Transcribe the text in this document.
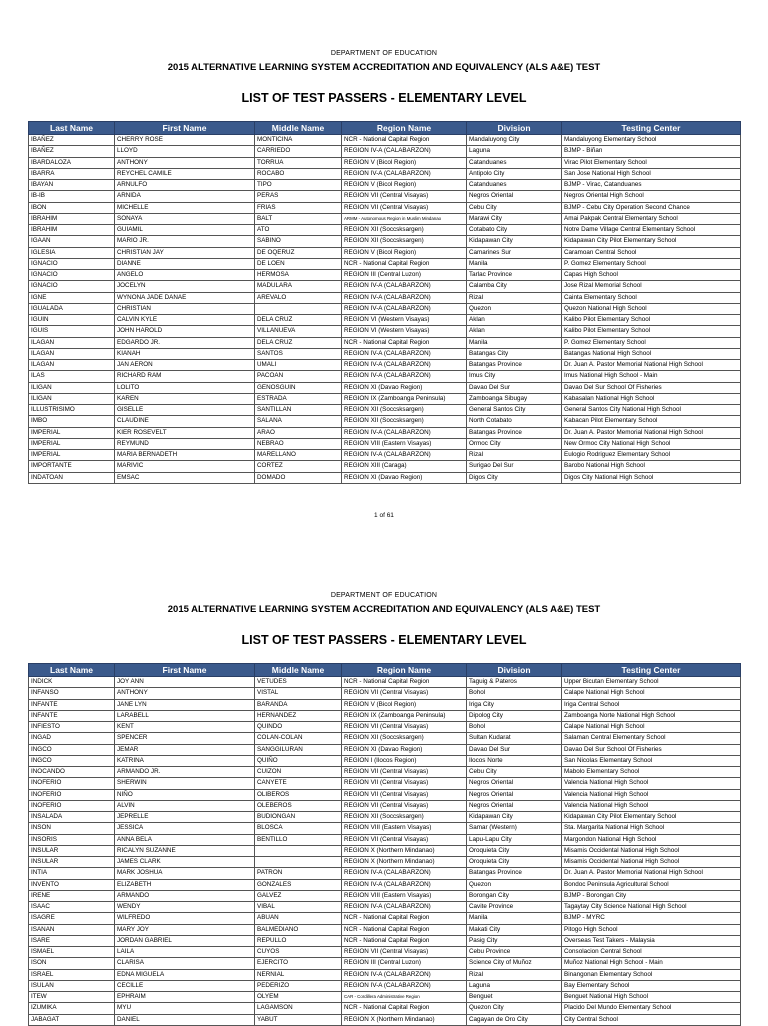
DEPARTMENT OF EDUCATION
2015 ALTERNATIVE LEARNING SYSTEM ACCREDITATION AND EQUIVALENCY (ALS A&E) TEST
LIST OF TEST PASSERS - ELEMENTARY LEVEL
Last Name	First Name	Middle Name	Region Name	Division	Testing Center
IBAÑEZ	CHERRY ROSE	MONTICINA	NCR - National Capital Region	Mandaluyong City	Mandaluyong Elementary School
IBAÑEZ	LLOYD	CARRIEDO	REGION IV-A (CALABARZON)	Laguna	BJMP - Biñan
IBARDALOZA	ANTHONY	TORRUA	REGION V (Bicol Region)	Catanduanes	Virac Pilot Elementary School
IBARRA	REYCHEL CAMILE	ROCABO	REGION IV-A (CALABARZON)	Antipolo City	San Jose National High School
IBAYAN	ARNULFO	TIPO	REGION V (Bicol Region)	Catanduanes	BJMP - Virac, Catanduanes
IB-IB	ARNIDA	PERAS	REGION VII (Central Visayas)	Negros Oriental	Negros Oriental High School
IBON	MICHELLE	FRIAS	REGION VII (Central Visayas)	Cebu City	BJMP - Cebu City Operation Second Chance
IBRAHIM	SONAYA	BALT	ARMM - Autonomous Region in Muslim Mindanao	Marawi City	Amai Pakpak Central Elementary School
IBRAHIM	GUIAMIL	ATO	REGION XII (Soccsksargen)	Cotabato City	Notre Dame Village Central Elementary School
IGAAN	MARIO JR.	SABINO	REGION XII (Soccsksargen)	Kidapawan City	Kidapawan City Pilot Elementary School
IGLESIA	CHRISTIAN JAY	DE OQERUZ	REGION V (Bicol Region)	Camarines Sur	Caramoan Central School
IGNACIO	DIANNE	DE LOEN	NCR - National Capital Region	Manila	P. Gomez Elementary School
IGNACIO	ANGELO	HERMOSA	REGION III (Central Luzon)	Tarlac Province	Capas High School
IGNACIO	JOCELYN	MADULARA	REGION IV-A (CALABARZON)	Calamba City	Jose Rizal Memorial School
IGNE	WYNONA JADE DANAE	AREVALO	REGION IV-A (CALABARZON)	Rizal	Cainta Elementary School
IGUALADA	CHRISTIAN		REGION IV-A (CALABARZON)	Quezon	Quezon National High School
IGUIN	CALVIN KYLE	DELA CRUZ	REGION VI (Western Visayas)	Aklan	Kalibo Pilot Elementary School
IGUIS	JOHN HAROLD	VILLANUEVA	REGION VI (Western Visayas)	Aklan	Kalibo Pilot Elementary School
ILAGAN	EDGARDO JR.	DELA CRUZ	NCR - National Capital Region	Manila	P. Gomez Elementary School
ILAGAN	KIANAH	SANTOS	REGION IV-A (CALABARZON)	Batangas City	Batangas National High School
ILAGAN	JAN AERON	UMALI	REGION IV-A (CALABARZON)	Batangas Province	Dr. Juan A. Pastor Memorial National High School
ILAS	RICHARD RAM	PACOAN	REGION IV-A (CALABARZON)	Imus City	Imus National High School - Main
ILIGAN	LOLITO	GENOSGUIN	REGION XI (Davao Region)	Davao Del Sur	Davao Del Sur School Of Fisheries
ILIGAN	KAREN	ESTRADA	REGION IX (Zamboanga Peninsula)	Zamboanga Sibugay	Kabasalan National High School
ILLUSTRISIMO	GISELLE	SANTILLAN	REGION XII (Soccsksargen)	General Santos City	General Santos City National High School
IMBO	CLAUDINE	SALANA	REGION XII (Soccsksargen)	North Cotabato	Kabacan Pilot Elementary School
IMPERIAL	KIER ROSEVELT	ARAO	REGION IV-A (CALABARZON)	Batangas Province	Dr. Juan A. Pastor Memorial National High School
IMPERIAL	REYMUND	NEBRAO	REGION VIII (Eastern Visayas)	Ormoc City	New Ormoc City National High School
IMPERIAL	MARIA BERNADETH	MARELLANO	REGION IV-A (CALABARZON)	Rizal	Eulogio Rodriguez Elementary School
IMPORTANTE	MARIVIC	CORTEZ	REGION XIII (Caraga)	Surigao Del Sur	Barobo National High School
INDATOAN	EMSAC	DOMADO	REGION XI (Davao Region)	Digos City	Digos City National High School
1 of 61
DEPARTMENT OF EDUCATION
2015 ALTERNATIVE LEARNING SYSTEM ACCREDITATION AND EQUIVALENCY (ALS A&E) TEST
LIST OF TEST PASSERS - ELEMENTARY LEVEL
Last Name	First Name	Middle Name	Region Name	Division	Testing Center
INDICK	JOY ANN	VETUDES	NCR - National Capital Region	Taguig & Pateros	Upper Bicutan Elementary School
INFANSO	ANTHONY	VISTAL	REGION VII (Central Visayas)	Bohol	Calape National High School
INFANTE	JANE LYN	BARANDA	REGION V (Bicol Region)	Iriga City	Iriga Central School
INFANTE	LARABELL	HERNANDEZ	REGION IX (Zamboanga Peninsula)	Dipolog City	Zamboanga Norte National High School
INFIESTO	KENT	QUINDO	REGION VII (Central Visayas)	Bohol	Calape National High School
INGAD	SPENCER	COLAN-COLAN	REGION XII (Soccsksargen)	Sultan Kudarat	Salaman Central Elementary School
INGCO	JEMAR	SANGGILURAN	REGION XI (Davao Region)	Davao Del Sur	Davao Del Sur School Of Fisheries
INGCO	KATRINA	QUIÑO	REGION I (Ilocos Region)	Ilocos Norte	San Nicolas Elementary School
INOCANDO	ARMANDO JR.	CUIZON	REGION VII (Central Visayas)	Cebu City	Mabolo Elementary School
INOFERIO	SHERWIN	CANYETE	REGION VII (Central Visayas)	Negros Oriental	Valencia National High School
INOFERIO	NIÑO	OLIBEROS	REGION VII (Central Visayas)	Negros Oriental	Valencia National High School
INOFERIO	ALVIN	OLEBEROS	REGION VII (Central Visayas)	Negros Oriental	Valencia National High School
INSALADA	JEPRELLE	BUDIONGAN	REGION XII (Soccsksargen)	Kidapawan City	Kidapawan City Pilot Elementary School
INSON	JESSICA	BLOSCA	REGION VIII (Eastern Visayas)	Samar (Western)	Sta. Margarita National High School
INSORIS	ANNA BELA	BENTILLO	REGION VII (Central Visayas)	Lapu-Lapu City	Margondon National High School
INSULAR	RICALYN SUZANNE		REGION X (Northern Mindanao)	Oroquieta City	Misamis Occidental National High School
INSULAR	JAMES CLARK		REGION X (Northern Mindanao)	Oroquieta City	Misamis Occidental National High School
INTIA	MARK JOSHUA	PATRON	REGION IV-A (CALABARZON)	Batangas Province	Dr. Juan A. Pastor Memorial National High School
INVENTO	ELIZABETH	GONZALES	REGION IV-A (CALABARZON)	Quezon	Bondoc Peninsula Agricultural School
IRENE	ARMANDO	GALVEZ	REGION VIII (Eastern Visayas)	Borongan City	BJMP - Borongan City
ISAAC	WENDY	VIBAL	REGION IV-A (CALABARZON)	Cavite Province	Tagaytay City Science National High School
ISAGRE	WILFREDO	ABUAN	NCR - National Capital Region	Manila	BJMP - MYRC
ISANAN	MARY JOY	BALMEDIANO	NCR - National Capital Region	Makati City	Pitogo High School
ISARE	JORDAN GABRIEL	REPULLO	NCR - National Capital Region	Pasig City	Overseas Test Takers - Malaysia
ISMAEL	LAILA	CUYOS	REGION VII (Central Visayas)	Cebu Province	Consolacion Central School
ISON	CLARISA	EJERCITO	REGION III (Central Luzon)	Science City of Muñoz	Muñoz National High School - Main
ISRAEL	EDNA MIGUELA	NERNIAL	REGION IV-A (CALABARZON)	Rizal	Binangonan Elementary School
ISULAN	CECILLE	PEDERIZO	REGION IV-A (CALABARZON)	Laguna	Bay Elementary School
ITEW	EPHRAIM	OLYEM	CAR - Cordillera Administrative Region	Benguet	Benguet National High School
IZUMIKA	MYU	LAGAMSON	NCR - National Capital Region	Quezon City	Placido Del Mundo Elementary School
JABAGAT	DANIEL	YABUT	REGION X (Northern Mindanao)	Cagayan de Oro City	City Central School
